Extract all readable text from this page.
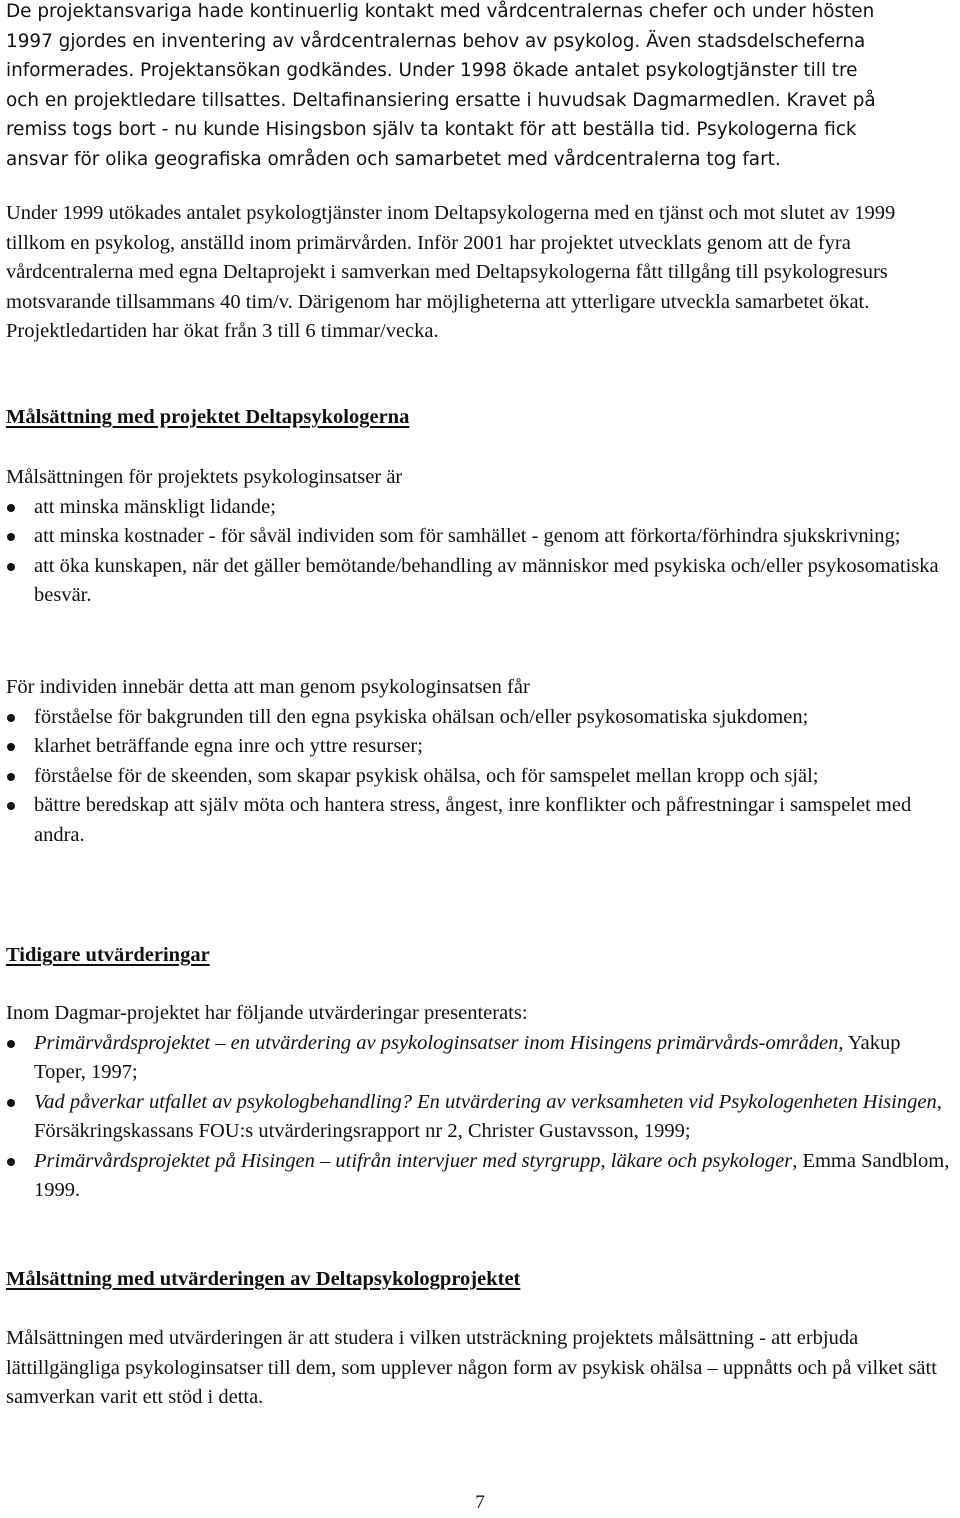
De projektansvariga hade kontinuerlig kontakt med vårdcentralernas chefer och under hösten
1997 gjordes en inventering av vårdcentralernas behov av psykolog. Även stadsdelscheferna
informerades. Projektansökan godkändes. Under 1998 ökade antalet psykologtjänster till tre
och en projektledare tillsattes. Deltafinansiering ersatte i huvudsak Dagmarmedlen. Kravet på
remiss togs bort - nu kunde Hisingsbon själv ta kontakt för att beställa tid. Psykologerna fick
ansvar för olika geografiska områden och samarbetet med vårdcentralerna tog fart.

Under 1999 utökades antalet psykologtjänster inom Deltapsykologerna med en tjänst och mot slutet av 1999 tillkom en psykolog, anställd inom primärvården. Inför 2001 har projektet utvecklats genom att de fyra vårdcentralerna med egna Deltaprojekt i samverkan med Deltapsykologerna fått tillgång till psykologresurs motsvarande tillsammans 40 tim/v. Därigenom har möjligheterna att ytterligare utveckla samarbetet ökat. Projektledartiden har ökat från 3 till 6 timmar/vecka.

Målsättning med projektet Deltapsykologerna

Målsättningen för projektets psykologinsatser är

att minska mänskligt lidande;
att minska kostnader - för såväl individen som för samhället - genom att förkorta/förhindra sjukskrivning;
att öka kunskapen, när det gäller bemötande/behandling av människor med psykiska och/eller psykosomatiska besvär.

För individen innebär detta att man genom psykologinsatsen får

förståelse för bakgrunden till den egna psykiska ohälsan och/eller psykosomatiska sjukdomen;
klarhet beträffande egna inre och yttre resurser;
förståelse för de skeenden, som skapar psykisk ohälsa, och för samspelet mellan kropp och själ;
bättre beredskap att själv möta och hantera stress, ångest, inre konflikter och påfrestningar i samspelet med andra.

Tidigare utvärderingar

Inom Dagmar-projektet har följande utvärderingar presenterats:

Primärvårdsprojektet – en utvärdering av psykologinsatser inom Hisingens primärvårds-områden, Yakup Toper, 1997;
Vad påverkar utfallet av psykologbehandling? En utvärdering av verksamheten vid Psykologenheten Hisingen, Försäkringskassans FOU:s utvärderingsrapport nr 2, Christer Gustavsson, 1999;
Primärvårdsprojektet på Hisingen – utifrån intervjuer med styrgrupp, läkare och psykologer, Emma Sandblom, 1999.

Målsättning med utvärderingen av Deltapsykologprojektet

Målsättningen med utvärderingen är att studera i vilken utsträckning projektets målsättning - att erbjuda lättillgängliga psykologinsatser till dem, som upplever någon form av psykisk ohälsa – uppnåtts och på vilket sätt samverkan varit ett stöd i detta.

7
